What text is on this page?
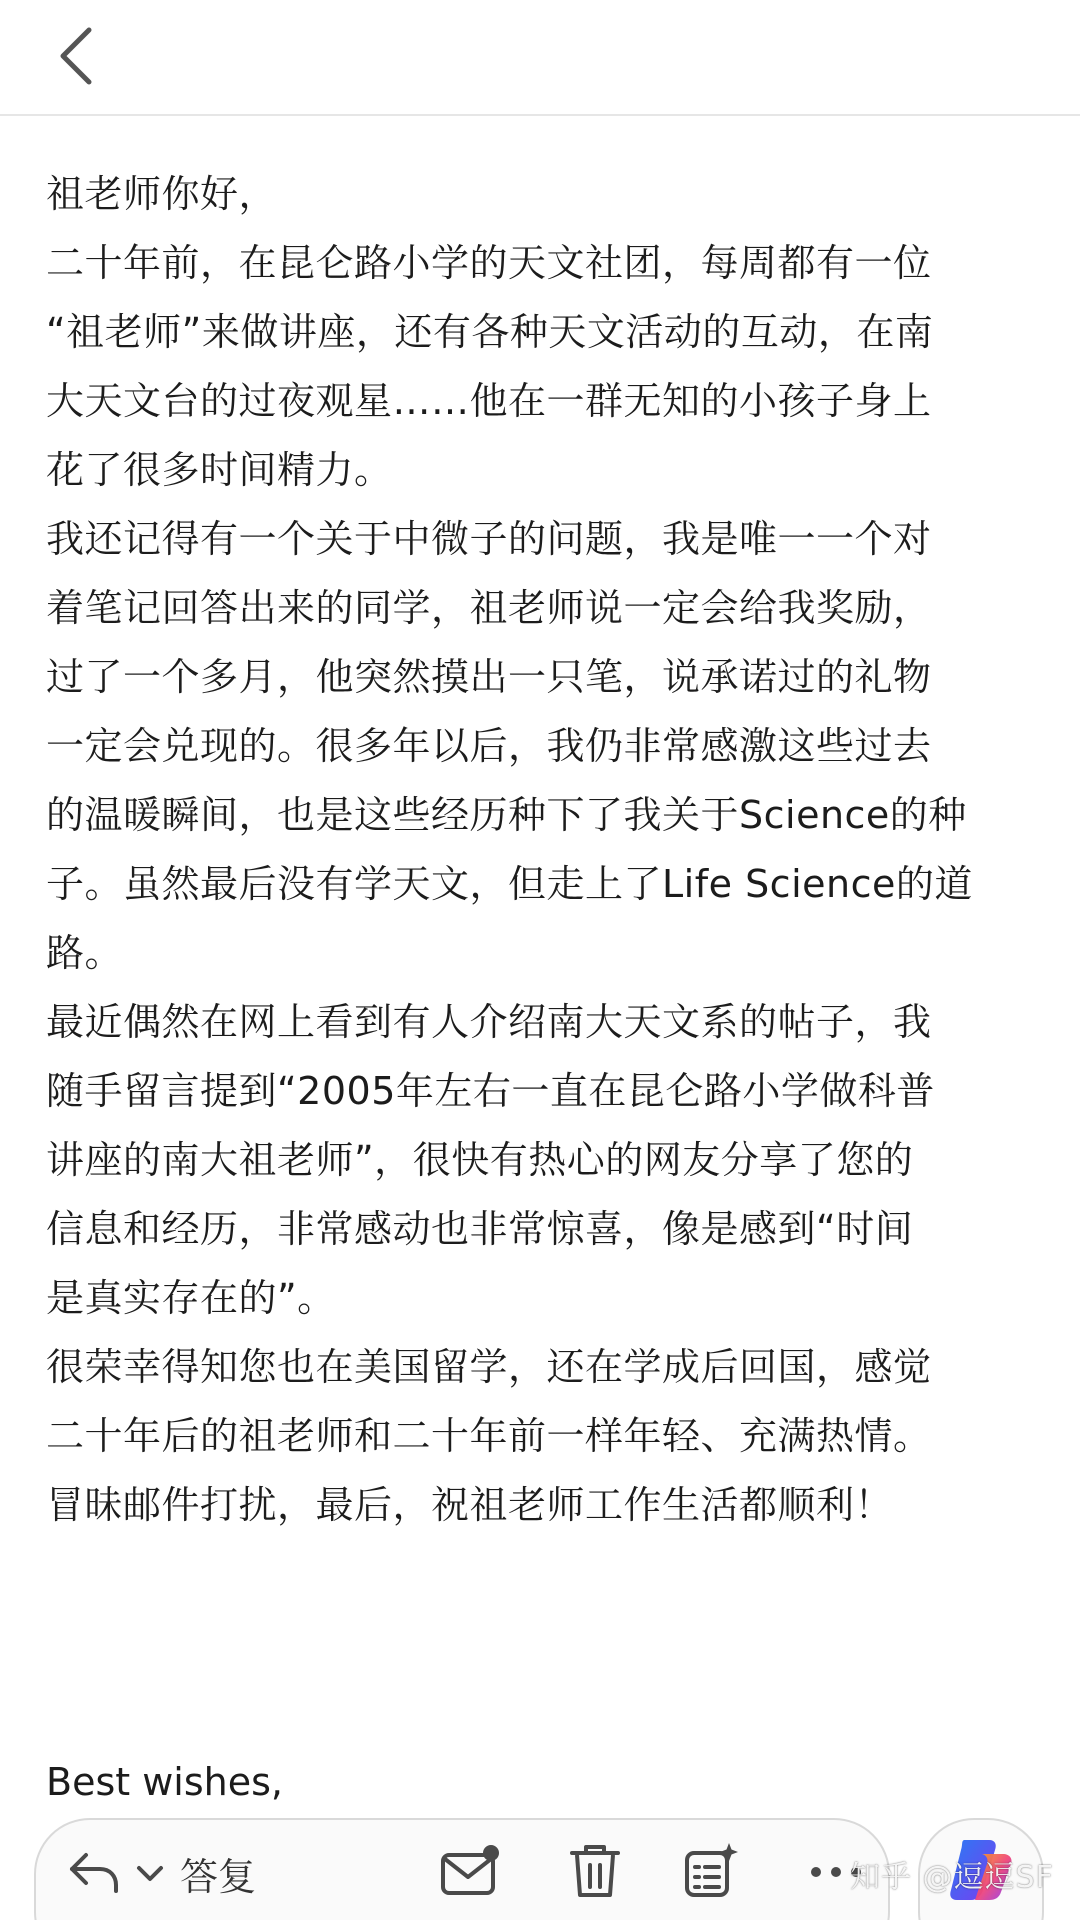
祖老师你好，

二十年前，在昆仑路小学的天文社团，每周都有一位
“祖老师”来做讲座，还有各种天文活动的互动，在南
大天文台的过夜观星……他在一群无知的小孩子身上
花了很多时间精力。

我还记得有一个关于中微子的问题，我是唯一一个对
着笔记回答出来的同学，祖老师说一定会给我奖励，
过了一个多月，他突然摸出一只笔，说承诺过的礼物
一定会兑现的。很多年以后，我仍非常感激这些过去
的温暖瞬间，也是这些经历种下了我关于Science的种
子。虽然最后没有学天文，但走上了Life Science的道
路。

最近偶然在网上看到有人介绍南大天文系的帖子，我
随手留言提到“2005年左右一直在昆仑路小学做科普
讲座的南大祖老师”，很快有热心的网友分享了您的
信息和经历，非常感动也非常惊喜，像是感到“时间
是真实存在的”。

很荣幸得知您也在美国留学，还在学成后回国，感觉
二十年后的祖老师和二十年前一样年轻、充满热情。

冒昧邮件打扰，最后，祝祖老师工作生活都顺利！

Best wishes,
答复	知乎 @逗逗SF
